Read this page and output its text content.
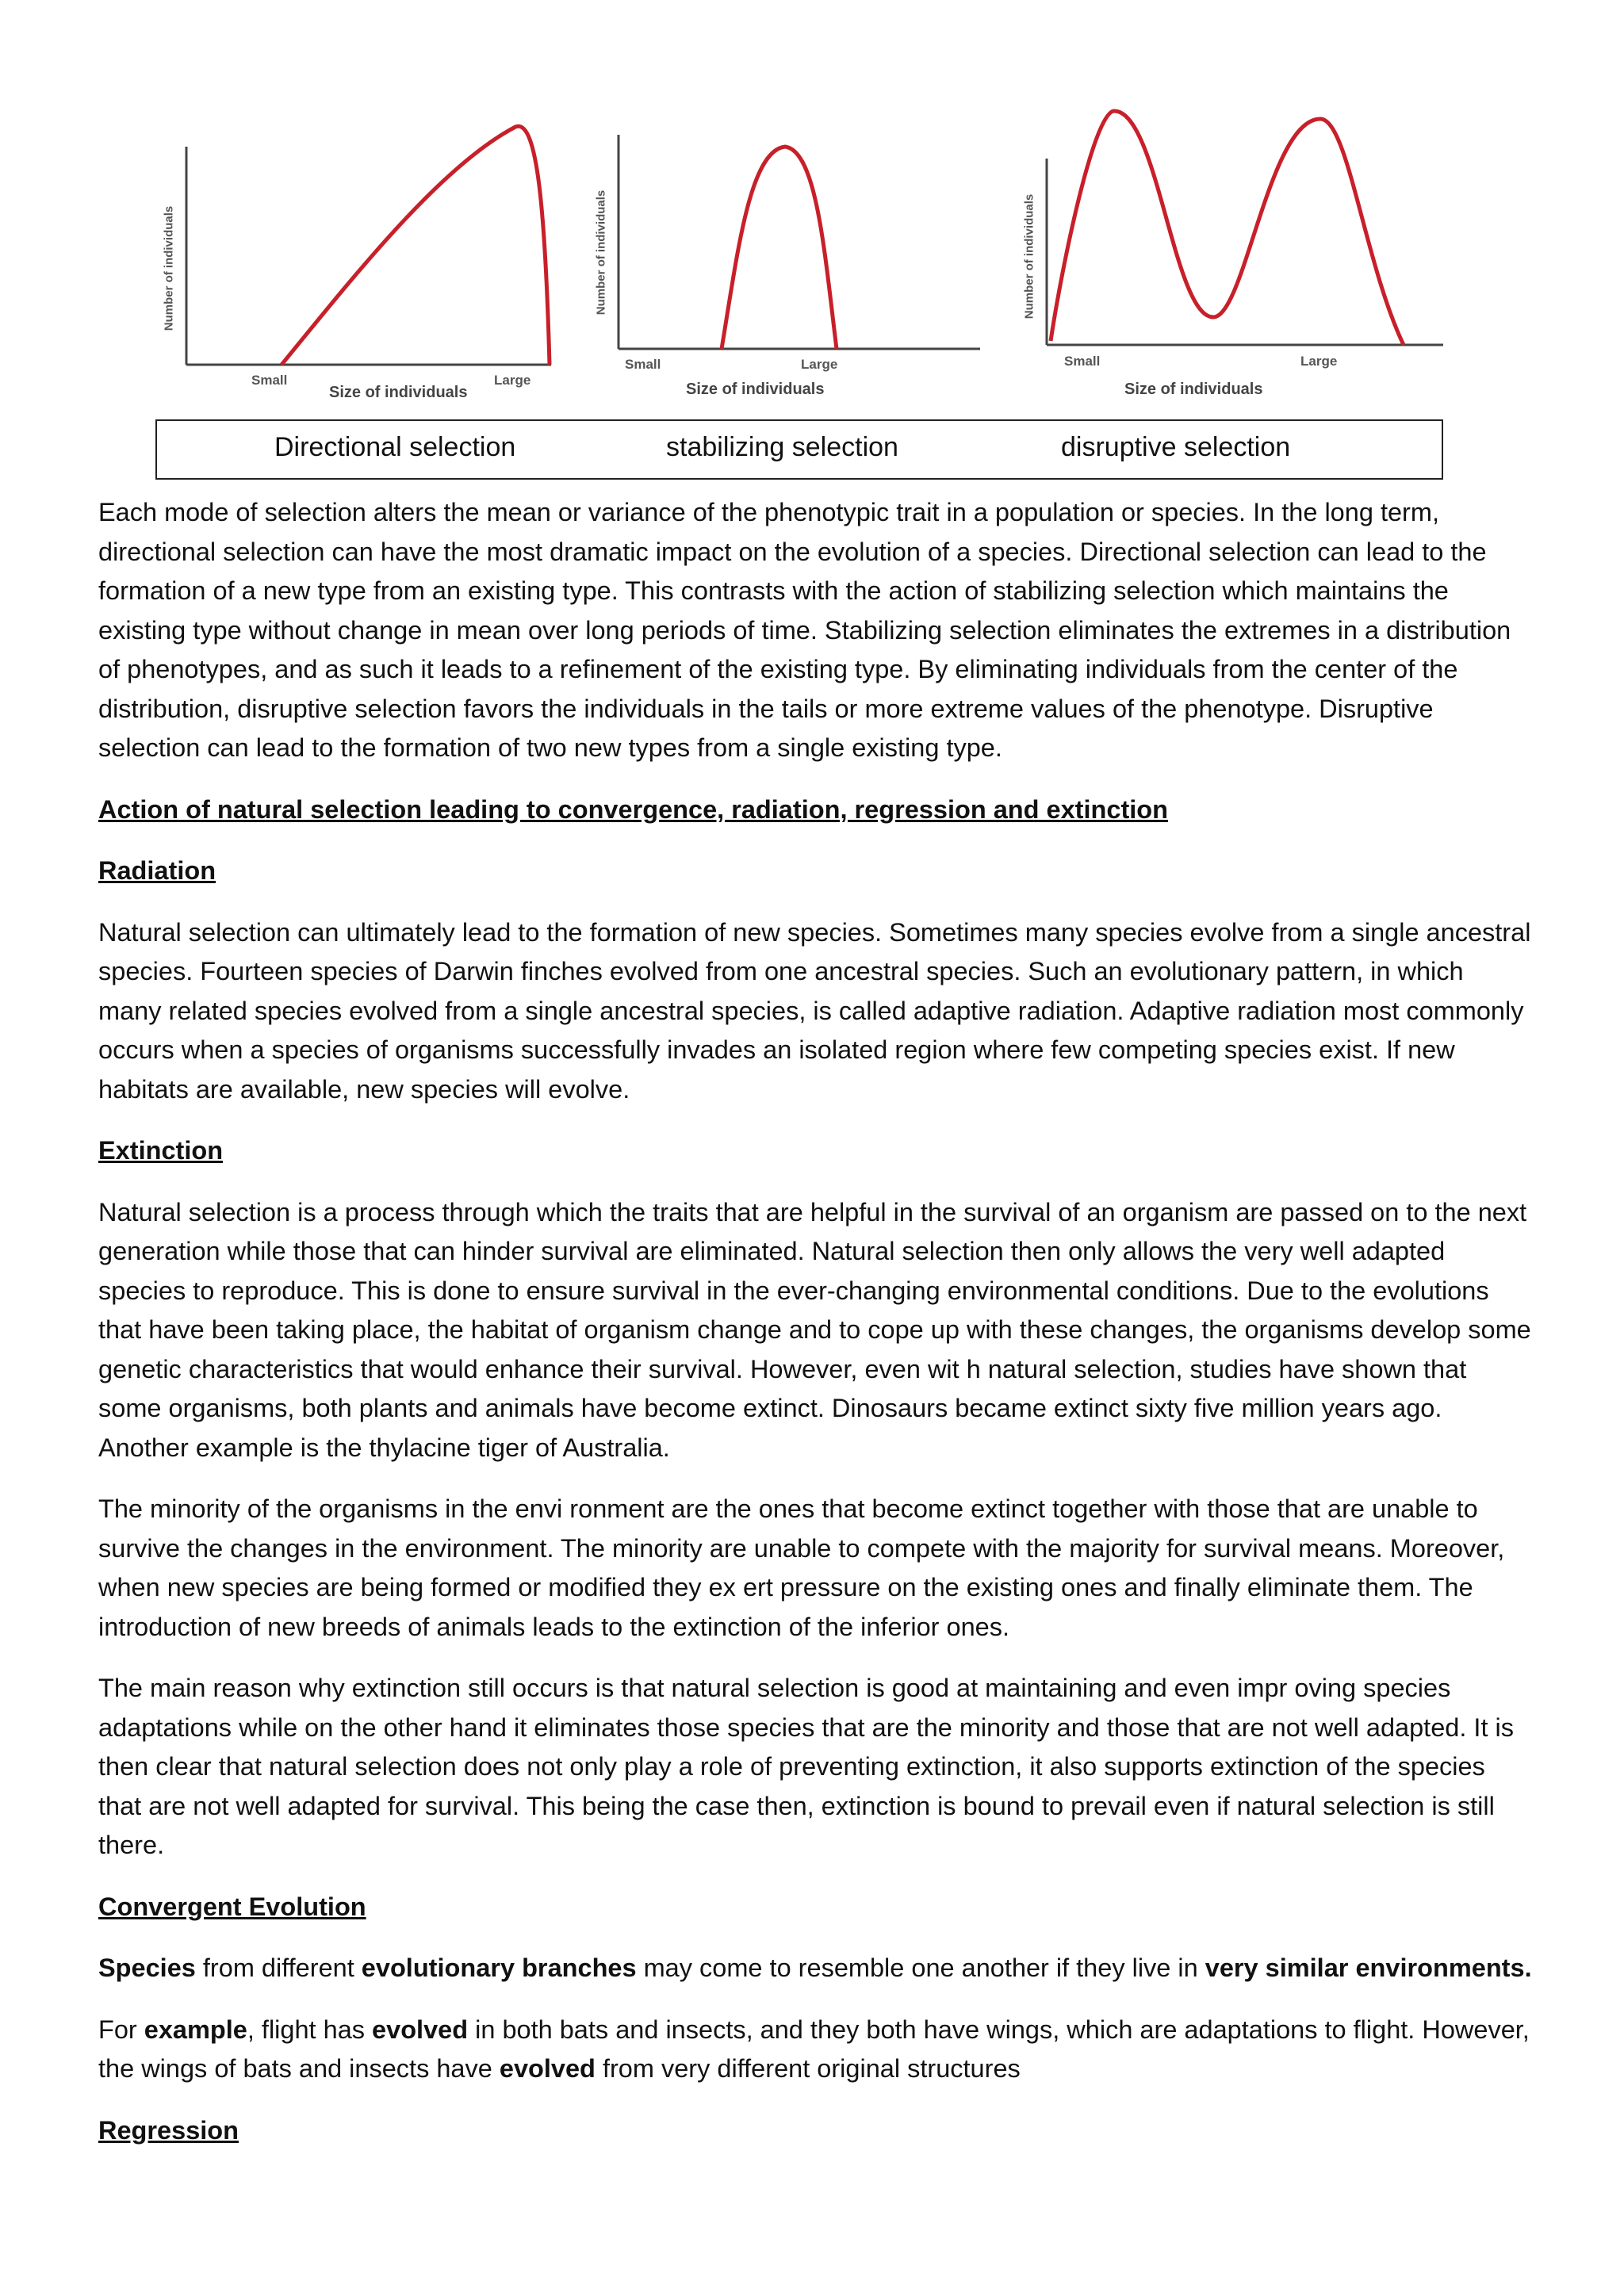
Number of individuals
Small	Large
Size of individuals
Number of individuals
Small	Large
Size of individuals
Number of individuals
Small	Large
Size of individuals
Directional selection	stabilizing selection	disruptive selection

Each mode of selection alters the mean or variance of the phenotypic trait in a population or species. In the long term, directional selection can have the most dramatic impact on the evolution of a species. Directional selection can lead to the formation of a new type from an existing type. This contrasts with the action of stabilizing selection which maintains the existing type without change in mean over long periods of time. Stabilizing selection eliminates the extremes in a distribution of phenotypes, and as such it leads to a refinement of the existing type. By eliminating individuals from the center of the distribution, disruptive selection favors the individuals in the tails or more extreme values of the phenotype. Disruptive selection can lead to the formation of two new types from a single existing type.

Action of natural selection leading to convergence, radiation, regression and extinction
Radiation

Natural selection can ultimately lead to the formation of new species. Sometimes many species evolve from a single ancestral species. Fourteen species of Darwin finches evolved from one ancestral species. Such an evolutionary pattern, in which many related species evolved from a single ancestral species, is called adaptive radiation. Adaptive radiation most commonly occurs when a species of organisms successfully invades an isolated region where few competing species exist. If new habitats are available, new species will evolve.

Extinction

Natural selection is a process through which the traits that are helpful in the survival of an organism are passed on to the next generation while those that can hinder survival are eliminated. Natural selection then only allows the very well adapted species to reproduce. This is done to ensure survival in the ever-changing environmental conditions. Due to the evolutions that have been taking place, the habitat of organism change and to cope up with these changes, the organisms develop some genetic characteristics that would enhance their survival. However, even wit h natural selection, studies have shown that some organisms, both plants and animals have become extinct. Dinosaurs became extinct sixty five million years ago. Another example is the thylacine tiger of Australia.

The minority of the organisms in the envi ronment are the ones that become extinct together with those that are unable to survive the changes in the environment. The minority are unable to compete with the majority for survival means. Moreover, when new species are being formed or modified they ex ert pressure on the existing ones and finally eliminate them. The introduction of new breeds of animals leads to the extinction of the inferior ones.

The main reason why extinction still occurs is that natural selection is good at maintaining and even impr oving species adaptations while on the other hand it eliminates those species that are the minority and those that are not well adapted. It is then clear that natural selection does not only play a role of preventing extinction, it also supports extinction of the species that are not well adapted for survival. This being the case then, extinction is bound to prevail even if natural selection is still there.

Convergent Evolution

Species from different evolutionary branches may come to resemble one another if they live in very similar environments.

For example, flight has evolved in both bats and insects, and they both have wings, which are adaptations to flight. However, the wings of bats and insects have evolved from very different original structures

Regression
